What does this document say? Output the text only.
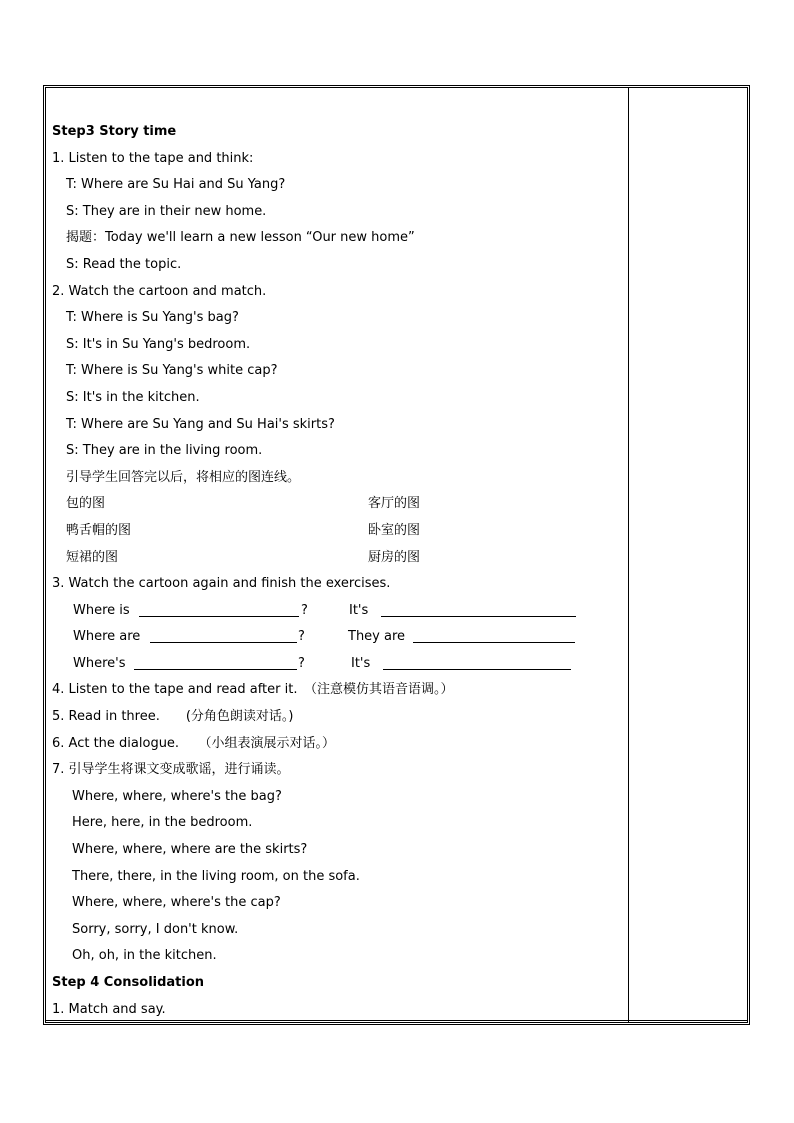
Step3 Story time
1. Listen to the tape and think:
T: Where are Su Hai and Su Yang?
S: They are in their new home.
揭题：Today we'll learn a new lesson “Our new home”
S: Read the topic.
2. Watch the cartoon and match.
T: Where is Su Yang's bag?
S: It's in Su Yang's bedroom.
T: Where is Su Yang's white cap?
S: It's in the kitchen.
T: Where are Su Yang and Su Hai's skirts?
S: They are in the living room.
引导学生回答完以后，将相应的图连线。
包的图	客厅的图
鸭舌帽的图	卧室的图
短裙的图	厨房的图
3. Watch the cartoon again and finish the exercises.
Where is	?	It's
Where are	?	They are
Where's	?	It's
4. Listen to the tape and read after it.　（注意模仿其语音语调。）
5. Read in three.　　(分角色朗读对话。)
6. Act the dialogue.　　（小组表演展示对话。）
7. 引导学生将课文变成歌谣，进行诵读。
Where, where, where's the bag?
Here, here, in the bedroom.
Where, where, where are the skirts?
There, there, in the living room, on the sofa.
Where, where, where's the cap?
Sorry, sorry, I don't know.
Oh, oh, in the kitchen.
Step 4 Consolidation
1. Match and say.
